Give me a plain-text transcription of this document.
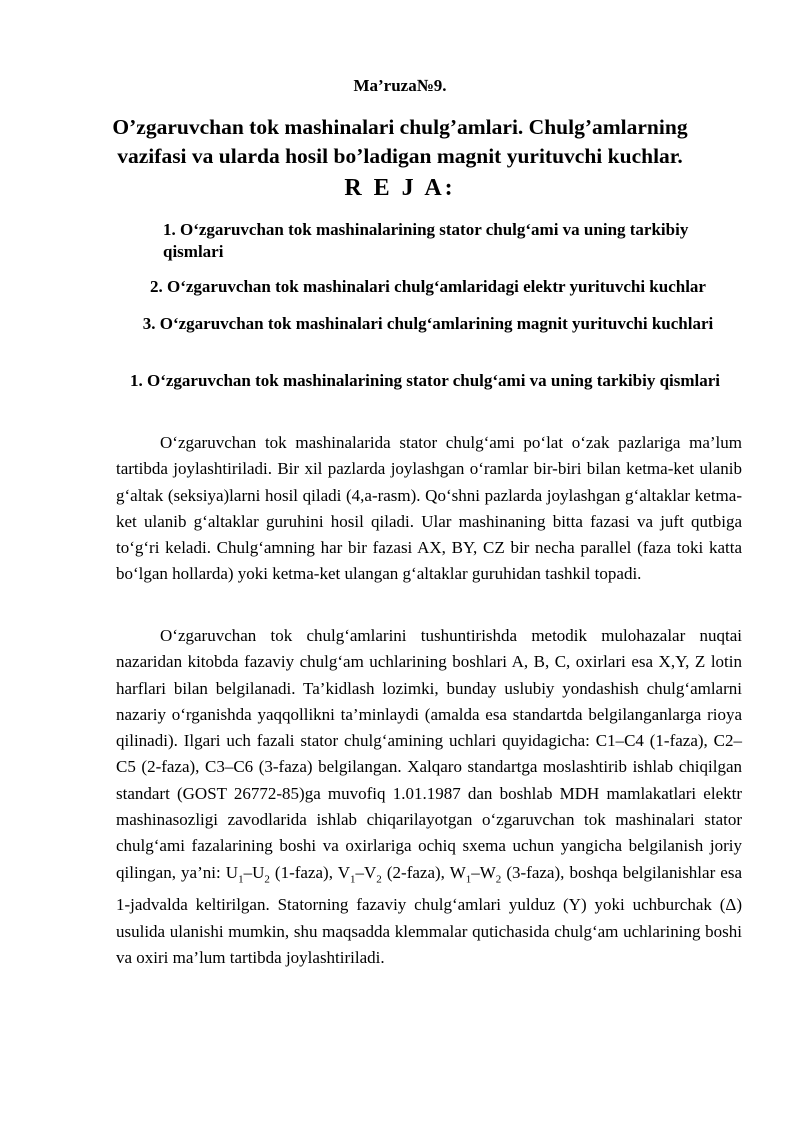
Ma’ruza№9.
O’zgaruvchan tok mashinalari chulg’amlari. Chulg’amlarning vazifasi va ularda hosil bo’ladigan magnit yurituvchi kuchlar.
R E J A:
1. O‘zgaruvchan tok mashinalarining stator chulg‘ami va uning tarkibiy qismlari
2. O‘zgaruvchan tok mashinalari chulg‘amlaridagi elektr yurituvchi kuchlar
3. O‘zgaruvchan tok mashinalari chulg‘amlarining magnit yurituvchi kuchlari
1. O‘zgaruvchan tok mashinalarining stator chulg‘ami va uning tarkibiy qismlari

O‘zgaruvchan tok mashinalarida stator chulg‘ami po‘lat o‘zak pazlariga ma’lum tartibda joylashtiriladi. Bir xil pazlarda joylashgan o‘ramlar bir-biri bilan ketma-ket ulanib g‘altak (seksiya)larni hosil qiladi (4,a-rasm). Qo‘shni pazlarda joylashgan g‘altaklar ketma-ket ulanib g‘altaklar guruhini hosil qiladi. Ular mashinaning bitta fazasi va juft qutbiga to‘g‘ri keladi. Chulg‘amning har bir fazasi AX, BY, CZ bir necha parallel (faza toki katta bo‘lgan hollarda) yoki ketma-ket ulangan g‘altaklar guruhidan tashkil topadi.

O‘zgaruvchan tok chulg‘amlarini tushuntirishda metodik mulohazalar nuqtai nazaridan kitobda fazaviy chulg‘am uchlarining boshlari A, B, C, oxirlari esa X,Y, Z lotin harflari bilan belgilanadi. Ta’kidlash lozimki, bunday uslubiy yondashish chulg‘amlarni nazariy o‘rganishda yaqqollikni ta’minlaydi (amalda esa standartda belgilanganlarga rioya qilinadi). Ilgari uch fazali stator chulg‘amining uchlari quyidagicha: C1–C4 (1-faza), C2–C5 (2-faza), C3–C6 (3-faza) belgilangan. Xalqaro standartga moslashtirib ishlab chiqilgan standart (GOST 26772-85)ga muvofiq 1.01.1987 dan boshlab MDH mamlakatlari elektr mashinasozligi zavodlarida ishlab chiqarilayotgan o‘zgaruvchan tok mashinalari stator chulg‘ami fazalarining boshi va oxirlariga ochiq sxema uchun yangicha belgilanish joriy qilingan, ya’ni: $U_1-U_2$ (1-faza), $V_1-V_2$ (2-faza), $W_1-W_2$ (3-faza), boshqa belgilanishlar esa 1-jadvalda keltirilgan. Statorning fazaviy chulg‘amlari yulduz (Y) yoki uchburchak (Δ) usulida ulanishi mumkin, shu maqsadda klemmalar qutichasida chulg‘am uchlarining boshi va oxiri ma’lum tartibda joylashtiriladi.
